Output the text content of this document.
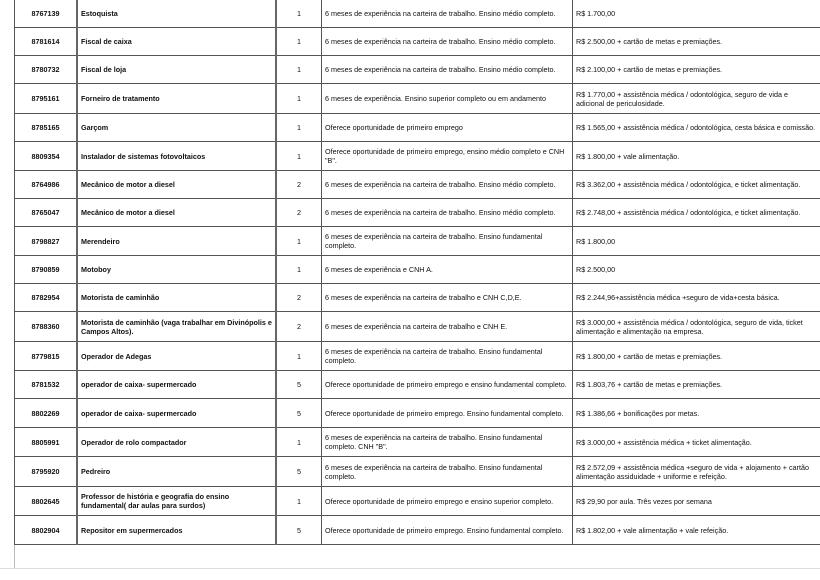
8767139	Estoquista	1	6 meses de experiência na carteira de trabalho. Ensino médio completo.	R$ 1.700,00
8781614	Fiscal de caixa	1	6 meses de experiência na carteira de trabalho. Ensino médio completo.	R$ 2.500,00 + cartão de metas e premiações.
8780732	Fiscal de loja	1	6 meses de experiência na carteira de trabalho. Ensino médio completo.	R$ 2.100,00 + cartão de metas e premiações.
8795161	Forneiro de tratamento	1	6 meses de experiência. Ensino superior completo ou em andamento	R$ 1.770,00 + assistência médica / odontológica, seguro de vida e adicional de periculosidade.
8785165	Garçom	1	Oferece oportunidade de primeiro emprego	R$ 1.565,00 + assistência médica / odontológica, cesta básica e comissão.
8809354	Instalador de sistemas fotovoltaicos	1	Oferece oportunidade de primeiro emprego, ensino médio completo e CNH "B".	R$ 1.800,00 + vale alimentação.
8764986	Mecânico de motor a diesel	2	6 meses de experiência na carteira de trabalho. Ensino médio completo.	R$ 3.362,00 + assistência médica / odontológica, e ticket alimentação.
8765047	Mecânico de motor a diesel	2	6 meses de experiência na carteira de trabalho. Ensino médio completo.	R$ 2.748,00 + assistência médica / odontológica, e ticket alimentação.
8798827	Merendeiro	1	6 meses de experiência na carteira de trabalho. Ensino fundamental completo.	R$ 1.800,00
8790859	Motoboy	1	6 meses de experiência e CNH A.	R$ 2.500,00
8782954	Motorista de caminhão	2	6 meses de experiência na carteira de trabalho e CNH C,D,E.	R$ 2.244,96+assistência médica +seguro de vida+cesta básica.
8788360	Motorista de caminhão (vaga trabalhar em Divinópolis e Campos Altos).	2	6 meses de experiência na carteira de trabalho e CNH E.	R$ 3.000,00 + assistência médica / odontológica, seguro de vida, ticket alimentação e alimentação na empresa.
8779815	Operador de Adegas	1	6 meses de experiência na carteira de trabalho. Ensino fundamental completo.	R$ 1.800,00 + cartão de metas e premiações.
8781532	operador de caixa- supermercado	5	Oferece oportunidade de primeiro emprego e ensino fundamental completo.	R$ 1.803,76 + cartão de metas e premiações.
8802269	operador de caixa- supermercado	5	Oferece oportunidade de primeiro emprego. Ensino fundamental completo.	R$ 1.386,66 + bonificações por metas.
8805991	Operador de rolo compactador	1	6 meses de experiência na carteira de trabalho. Ensino fundamental completo. CNH "B".	R$ 3.000,00 + assistência médica + ticket alimentação.
8795920	Pedreiro	5	6 meses de experiência na carteira de trabalho. Ensino fundamental completo.	R$ 2.572,09 + assistência médica +seguro de vida + alojamento + cartão alimentação assiduidade + uniforme e refeição.
8802645	Professor de história e geografia do ensino fundamental( dar aulas para surdos)	1	Oferece oportunidade de primeiro emprego e ensino superior completo.	R$ 29,90 por aula. Três vezes por semana
8802904	Repositor em supermercados	5	Oferece oportunidade de primeiro emprego. Ensino fundamental completo.	R$ 1.802,00 + vale alimentação + vale refeição.
